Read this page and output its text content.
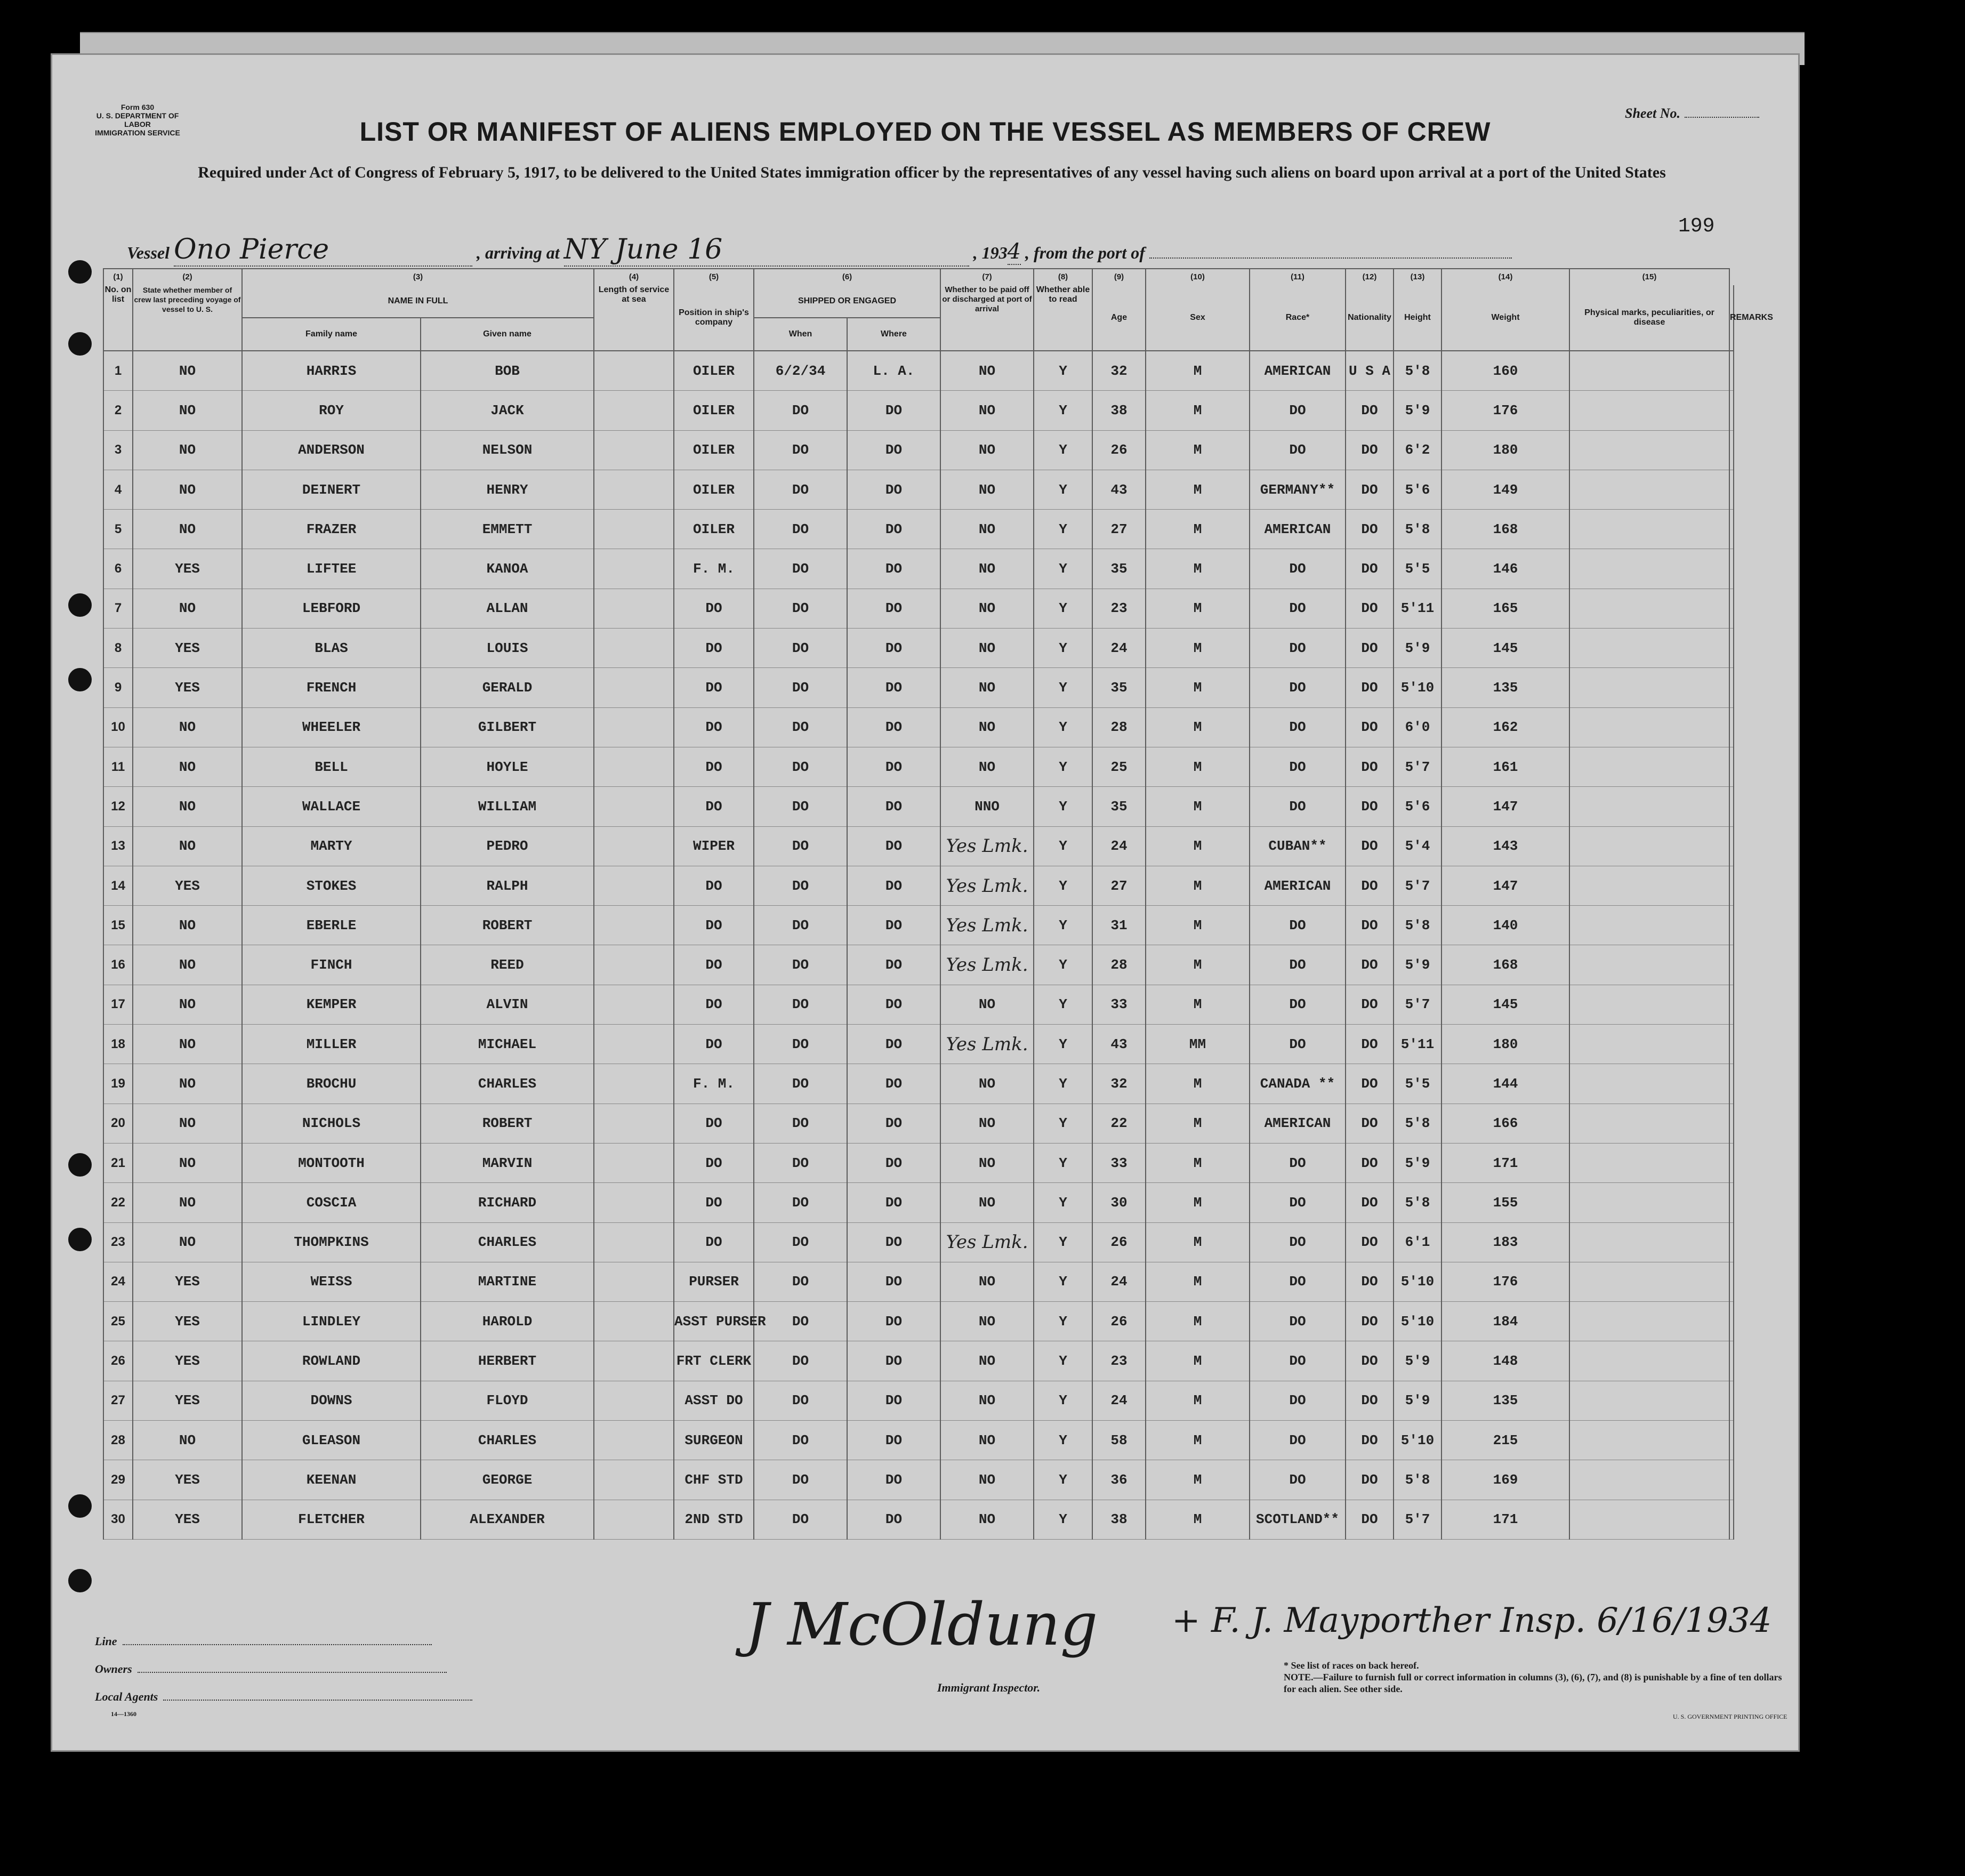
Form 630
U. S. DEPARTMENT OF LABOR
IMMIGRATION SERVICE
Sheet No.
LIST OR MANIFEST OF ALIENS EMPLOYED ON THE VESSEL AS MEMBERS OF CREW
Required under Act of Congress of February 5, 1917, to be delivered to the United States immigration officer by the representatives of any vessel having such aliens on board upon arrival at a port of the United States
Vessel Ono Pierce	, arriving at NY June 16	, 1934 , from the port of
199
(1)	(2)	(3)		(4)	(5)	(6)		(7)	(8)	(9)	(10)	(11)	(12)	(13)	(14)	(15)	
No. on list	State whether member of crew last preceding voyage of vessel to U. S.	NAME IN FULL		Length of service at sea	Position in ship's company	SHIPPED OR ENGAGED		Whether to be paid off or discharged at port of arrival	Whether able to read	Age	Sex	Race*	Nationality	Height	Weight	Physical marks, peculiarities, or disease	REMARKS
		Family name	Given name			When	Where										
1	NO	HARRIS	BOB		OILER	6/2/34	L. A.	NO	Y	32	M	AMERICAN	U S A	5'8	160		
2	NO	ROY	JACK		OILER	DO	DO	NO	Y	38	M	DO	DO	5'9	176		
3	NO	ANDERSON	NELSON		OILER	DO	DO	NO	Y	26	M	DO	DO	6'2	180		
4	NO	DEINERT	HENRY		OILER	DO	DO	NO	Y	43	M	GERMANY**	DO	5'6	149		
5	NO	FRAZER	EMMETT		OILER	DO	DO	NO	Y	27	M	AMERICAN	DO	5'8	168		
6	YES	LIFTEE	KANOA		F. M.	DO	DO	NO	Y	35	M	DO	DO	5'5	146		
7	NO	LEBFORD	ALLAN		DO	DO	DO	NO	Y	23	M	DO	DO	5'11	165		
8	YES	BLAS	LOUIS		DO	DO	DO	NO	Y	24	M	DO	DO	5'9	145		
9	YES	FRENCH	GERALD		DO	DO	DO	NO	Y	35	M	DO	DO	5'10	135		
10	NO	WHEELER	GILBERT		DO	DO	DO	NO	Y	28	M	DO	DO	6'0	162		
11	NO	BELL	HOYLE		DO	DO	DO	NO	Y	25	M	DO	DO	5'7	161		
12	NO	WALLACE	WILLIAM		DO	DO	DO	NNO	Y	35	M	DO	DO	5'6	147		
13	NO	MARTY	PEDRO		WIPER	DO	DO	Yes Lmk.	Y	24	M	CUBAN**	DO	5'4	143		
14	YES	STOKES	RALPH		DO	DO	DO	Yes Lmk.	Y	27	M	AMERICAN	DO	5'7	147		
15	NO	EBERLE	ROBERT		DO	DO	DO	Yes Lmk.	Y	31	M	DO	DO	5'8	140		
16	NO	FINCH	REED		DO	DO	DO	Yes Lmk.	Y	28	M	DO	DO	5'9	168		
17	NO	KEMPER	ALVIN		DO	DO	DO	NO	Y	33	M	DO	DO	5'7	145		
18	NO	MILLER	MICHAEL		DO	DO	DO	Yes Lmk.	Y	43	MM	DO	DO	5'11	180		
19	NO	BROCHU	CHARLES		F. M.	DO	DO	NO	Y	32	M	CANADA **	DO	5'5	144		
20	NO	NICHOLS	ROBERT		DO	DO	DO	NO	Y	22	M	AMERICAN	DO	5'8	166		
21	NO	MONTOOTH	MARVIN		DO	DO	DO	NO	Y	33	M	DO	DO	5'9	171		
22	NO	COSCIA	RICHARD		DO	DO	DO	NO	Y	30	M	DO	DO	5'8	155		
23	NO	THOMPKINS	CHARLES		DO	DO	DO	Yes Lmk.	Y	26	M	DO	DO	6'1	183		
24	YES	WEISS	MARTINE		PURSER	DO	DO	NO	Y	24	M	DO	DO	5'10	176		
25	YES	LINDLEY	HAROLD		ASST PURSER	DO	DO	NO	Y	26	M	DO	DO	5'10	184		
26	YES	ROWLAND	HERBERT		FRT CLERK	DO	DO	NO	Y	23	M	DO	DO	5'9	148		
27	YES	DOWNS	FLOYD		ASST DO	DO	DO	NO	Y	24	M	DO	DO	5'9	135		
28	NO	GLEASON	CHARLES		SURGEON	DO	DO	NO	Y	58	M	DO	DO	5'10	215		
29	YES	KEENAN	GEORGE		CHF STD	DO	DO	NO	Y	36	M	DO	DO	5'8	169		
30	YES	FLETCHER	ALEXANDER		2ND STD	DO	DO	NO	Y	38	M	SCOTLAND**	DO	5'7	171		
Line
Owners
Local Agents
14—1360
J McOldung
Immigrant Inspector.
+ F. J. Mayporther Insp. 6/16/1934
* See list of races on back hereof.
NOTE.—Failure to furnish full or correct information in columns (3), (6), (7), and (8) is punishable by a fine of ten dollars for each alien. See other side.
U. S. GOVERNMENT PRINTING OFFICE
